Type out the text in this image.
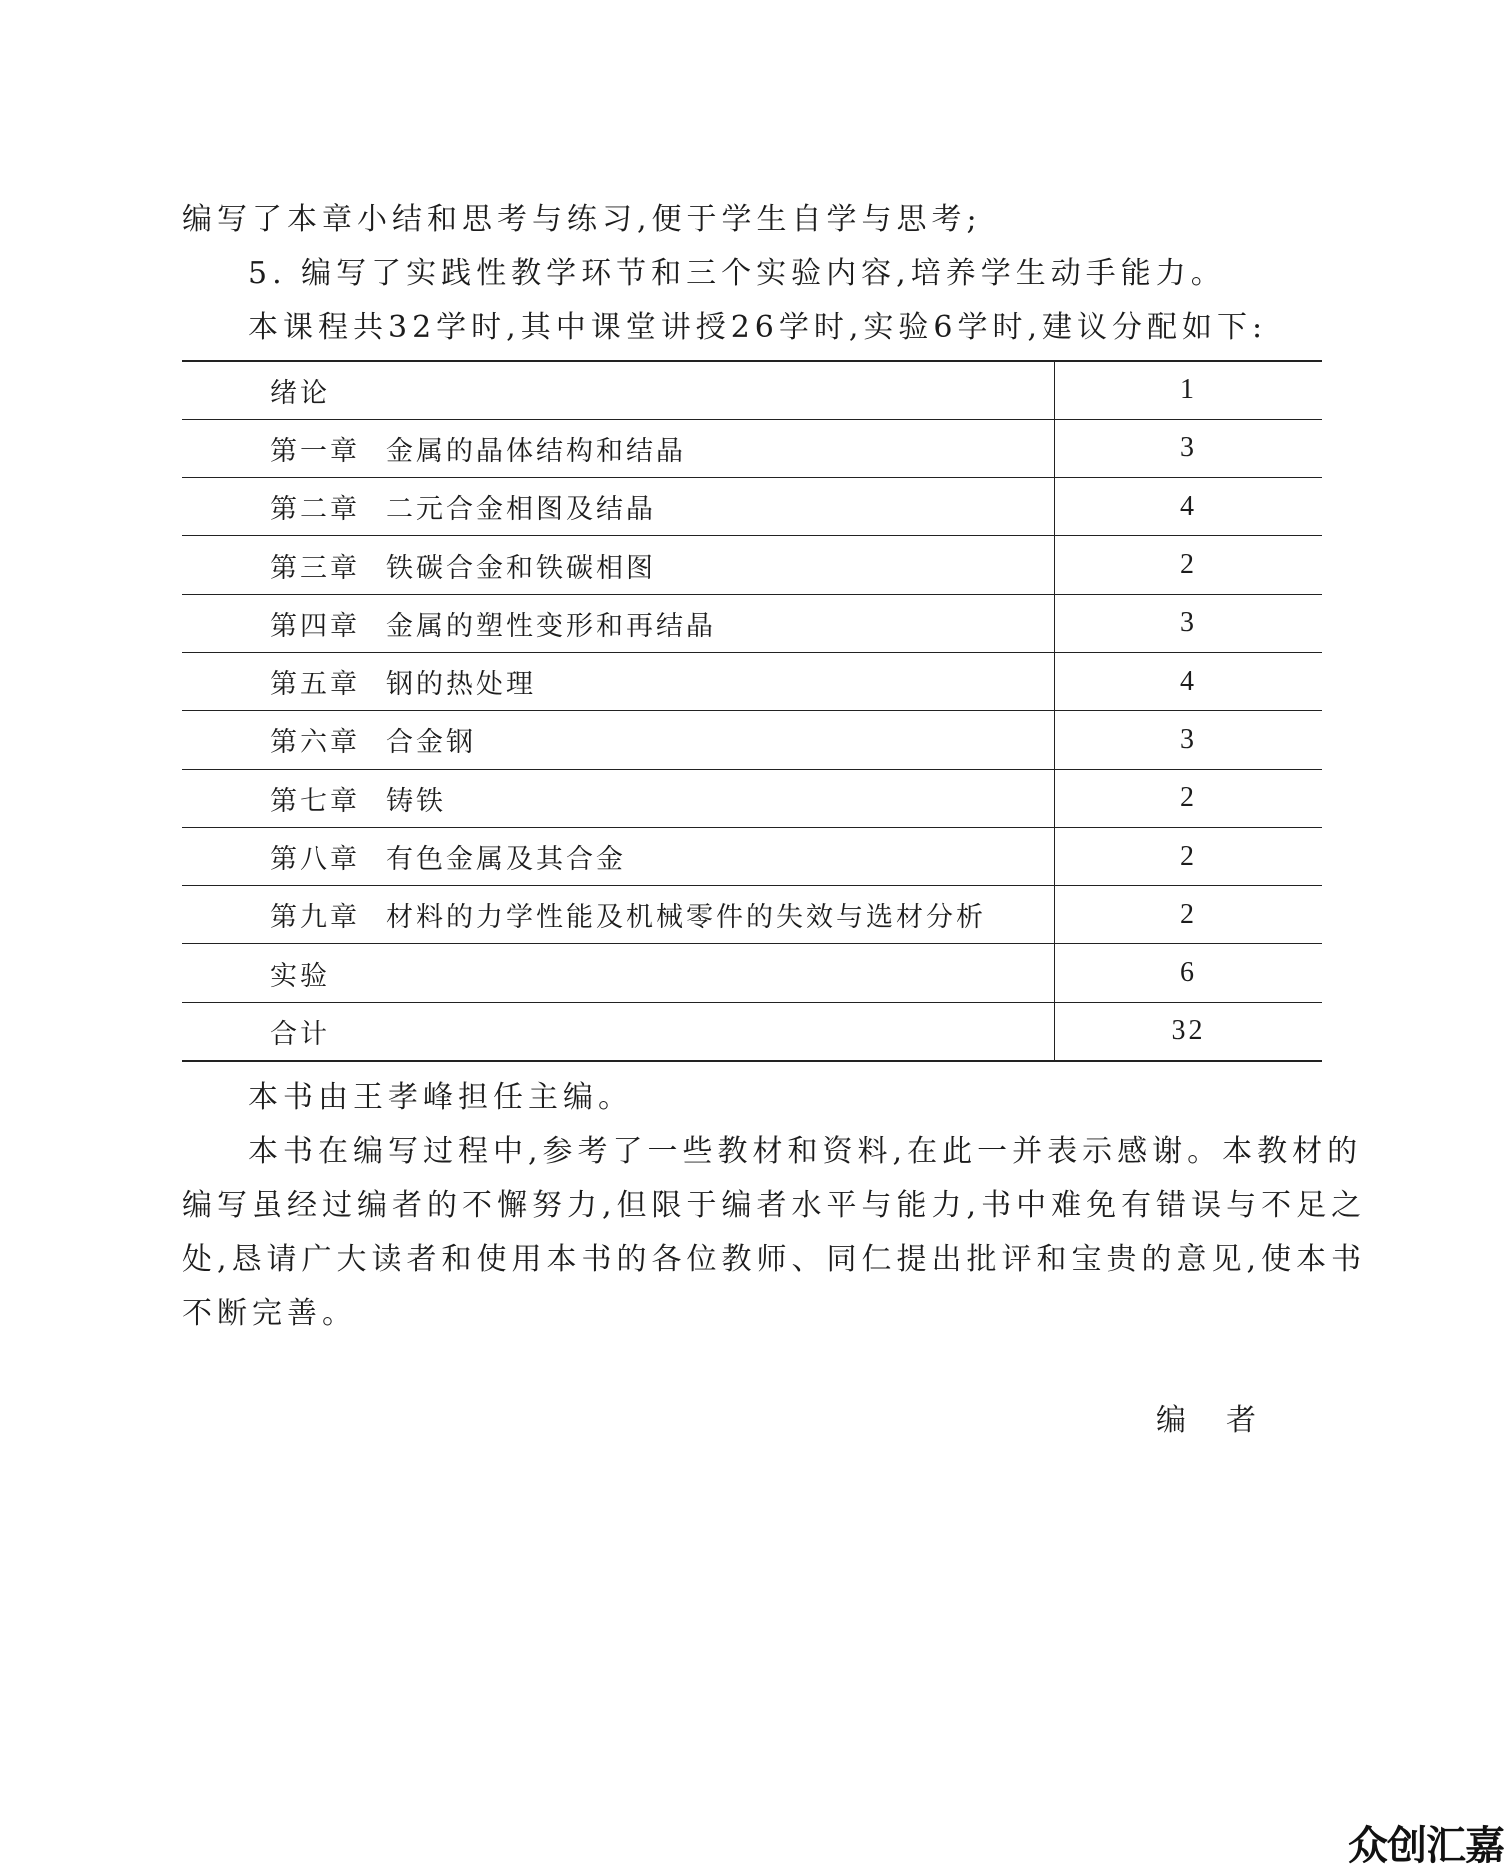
编写了本章小结和思考与练习,便于学生自学与思考;
5. 编写了实践性教学环节和三个实验内容,培养学生动手能力。
本课程共32学时,其中课堂讲授26学时,实验6学时,建议分配如下:
绪论	1
第一章 金属的晶体结构和结晶	3
第二章 二元合金相图及结晶	4
第三章 铁碳合金和铁碳相图	2
第四章 金属的塑性变形和再结晶	3
第五章 钢的热处理	4
第六章 合金钢	3
第七章 铸铁	2
第八章 有色金属及其合金	2
第九章 材料的力学性能及机械零件的失效与选材分析	2
实验	6
合计	32
本书由王孝峰担任主编。
本书在编写过程中,参考了一些教材和资料,在此一并表示感谢。本教材的
编写虽经过编者的不懈努力,但限于编者水平与能力,书中难免有错误与不足之
处,恳请广大读者和使用本书的各位教师、同仁提出批评和宝贵的意见,使本书
不断完善。
编者
众创汇嘉
